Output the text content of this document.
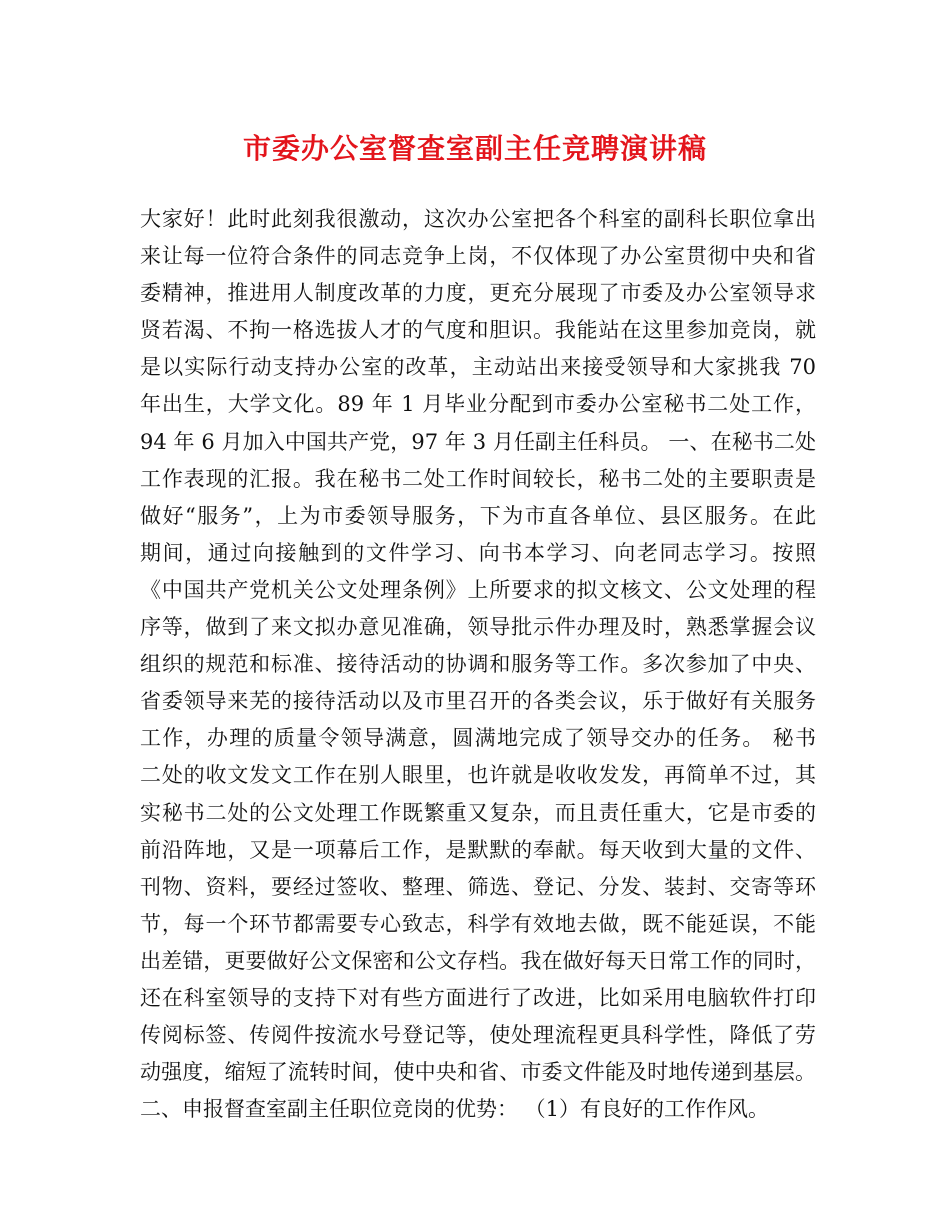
市委办公室督查室副主任竞聘演讲稿
大家好！此时此刻我很激动，这次办公室把各个科室的副科长职位拿出
来让每一位符合条件的同志竞争上岗，不仅体现了办公室贯彻中央和省
委精神，推进用人制度改革的力度，更充分展现了市委及办公室领导求
贤若渴、不拘一格选拔人才的气度和胆识。我能站在这里参加竞岗，就
是以实际行动支持办公室的改革，主动站出来接受领导和大家挑我 70
年出生，大学文化。89 年 1 月毕业分配到市委办公室秘书二处工作，
94 年 6 月加入中国共产党，97 年 3 月任副主任科员。 一、在秘书二处
工作表现的汇报。我在秘书二处工作时间较长，秘书二处的主要职责是
做好“服务”，上为市委领导服务，下为市直各单位、县区服务。在此
期间，通过向接触到的文件学习、向书本学习、向老同志学习。按照
《中国共产党机关公文处理条例》上所要求的拟文核文、公文处理的程
序等，做到了来文拟办意见准确，领导批示件办理及时，熟悉掌握会议
组织的规范和标准、接待活动的协调和服务等工作。多次参加了中央、
省委领导来芜的接待活动以及市里召开的各类会议，乐于做好有关服务
工作，办理的质量令领导满意，圆满地完成了领导交办的任务。 秘书
二处的收文发文工作在别人眼里，也许就是收收发发，再简单不过，其
实秘书二处的公文处理工作既繁重又复杂，而且责任重大，它是市委的
前沿阵地，又是一项幕后工作，是默默的奉献。每天收到大量的文件、
刊物、资料，要经过签收、整理、筛选、登记、分发、装封、交寄等环
节，每一个环节都需要专心致志，科学有效地去做，既不能延误，不能
出差错，更要做好公文保密和公文存档。我在做好每天日常工作的同时，
还在科室领导的支持下对有些方面进行了改进，比如采用电脑软件打印
传阅标签、传阅件按流水号登记等，使处理流程更具科学性，降低了劳
动强度，缩短了流转时间，使中央和省、市委文件能及时地传递到基层。
二、申报督查室副主任职位竞岗的优势： （1）有良好的工作作风。
